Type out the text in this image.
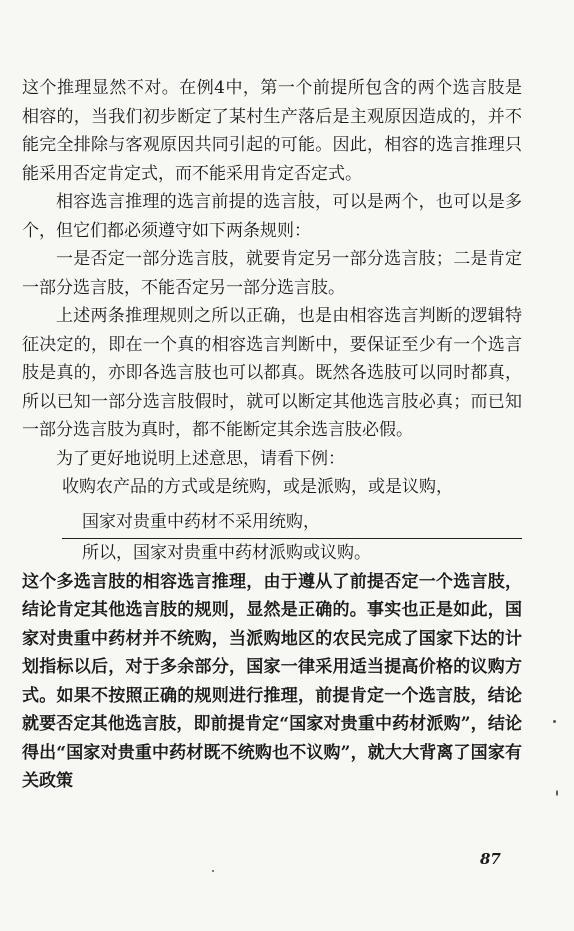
这个推理显然不对。在例4中，第一个前提所包含的两个选言肢是相容的，当我们初步断定了某村生产落后是主观原因造成的，并不能完全排除与客观原因共同引起的可能。因此，相容的选言推理只能采用否定肯定式，而不能采用肯定否定式。

相容选言推理的选言前提的选言肢，可以是两个，也可以是多个，但它们都必须遵守如下两条规则：

一是否定一部分选言肢，就要肯定另一部分选言肢；二是肯定一部分选言肢，不能否定另一部分选言肢。

上述两条推理规则之所以正确，也是由相容选言判断的逻辑特征决定的，即在一个真的相容选言判断中，要保证至少有一个选言肢是真的，亦即各选言肢也可以都真。既然各选肢可以同时都真，所以已知一部分选言肢假时，就可以断定其他选言肢必真；而已知一部分选言肢为真时，都不能断定其余选言肢必假。

为了更好地说明上述意思，请看下例：

收购农产品的方式或是统购，或是派购，或是议购，
国家对贵重中药材不采用统购，
所以，国家对贵重中药材派购或议购。

这个多选言肢的相容选言推理，由于遵从了前提否定一个选言肢，结论肯定其他选言肢的规则，显然是正确的。事实也正是如此，国家对贵重中药材并不统购，当派购地区的农民完成了国家下达的计划指标以后，对于多余部分，国家一律采用适当提高价格的议购方式。如果不按照正确的规则进行推理，前提肯定一个选言肢，结论就要否定其他选言肢，即前提肯定“国家对贵重中药材派购”，结论得出“国家对贵重中药材既不统购也不议购”，就大大背离了国家有关政策

87
